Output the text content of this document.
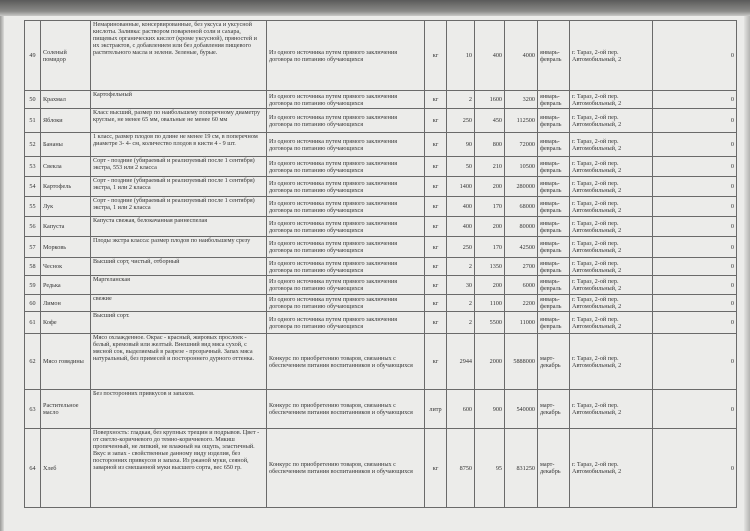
49	Соленый помидор	Немаринованные, консервированные, без уксуса и уксусной кислоты. Заливка: раствором поваренной соли и сахара, пищевых органических кислот (кроме уксусной), пряностей и их экстрактов, с добавлением или без добавления пищевого растительного масла и зелени. Зеленые, бурые.	Из одного источника путем прямого заключения договора по питанию обучающихся	кг	10	400	4000	январь-февраль	г. Тараз, 2-ой пер. Автомобильный, 2	0
50	Крахмал	Картофельный	Из одного источника путем прямого заключения договора по питанию обучающихся	кг	2	1600	3200	январь-февраль	г. Тараз, 2-ой пер. Автомобильный, 2	0
51	Яблоки	Класс высший, размер по наибольшему поперечному диаметру круглые, не менее 65 мм, овальные не менее 60 мм	Из одного источника путем прямого заключения договора по питанию обучающихся	кг	250	450	112500	январь-февраль	г. Тараз, 2-ой пер. Автомобильный, 2	0
52	Бананы	1 класс, размер плодов по длине не менее 19 см, в поперечном диаметре 3- 4- см, количество плодов в кисти 4 - 9 шт.	Из одного источника путем прямого заключения договора по питанию обучающихся	кг	90	800	72000	январь-февраль	г. Тараз, 2-ой пер. Автомобильный, 2	0
53	Свекла	Сорт - поздние (убираемый и реализуемый после 1 сентября) экстра, 553 или 2 класса	Из одного источника путем прямого заключения договора по питанию обучающихся	кг	50	210	10500	январь-февраль	г. Тараз, 2-ой пер. Автомобильный, 2	0
54	Картофель	Сорт - поздние (убираемый и реализуемый после 1 сентября) экстра, 1 или 2 класса	Из одного источника путем прямого заключения договора по питанию обучающихся	кг	1400	200	280000	январь-февраль	г. Тараз, 2-ой пер. Автомобильный, 2	0
55	Лук	Сорт - поздние (убираемый и реализуемый после 1 сентября) экстра, 1 или 2 класса	Из одного источника путем прямого заключения договора по питанию обучающихся	кг	400	170	68000	январь-февраль	г. Тараз, 2-ой пер. Автомобильный, 2	0
56	Капуста	Капуста свежая, белокачанная раннеспелая	Из одного источника путем прямого заключения договора по питанию обучающихся	кг	400	200	80000	январь-февраль	г. Тараз, 2-ой пер. Автомобильный, 2	0
57	Морковь	Плоды экстра класса: размер плодов по наибольшему срезу	Из одного источника путем прямого заключения договора по питанию обучающихся	кг	250	170	42500	январь-февраль	г. Тараз, 2-ой пер. Автомобильный, 2	0
58	Чеснок	Высший сорт, чистый, отборный	Из одного источника путем прямого заключения договора по питанию обучающихся	кг	2	1350	2700	январь-февраль	г. Тараз, 2-ой пер. Автомобильный, 2	0
59	Редька	Маргеланская	Из одного источника путем прямого заключения договора по питанию обучающихся	кг	30	200	6000	январь-февраль	г. Тараз, 2-ой пер. Автомобильный, 2	0
60	Лимон	свежие	Из одного источника путем прямого заключения договора по питанию обучающихся	кг	2	1100	2200	январь-февраль	г. Тараз, 2-ой пер. Автомобильный, 2	0
61	Кофе	Высший сорт.	Из одного источника путем прямого заключения договора по питанию обучающихся	кг	2	5500	11000	январь-февраль	г. Тараз, 2-ой пер. Автомобильный, 2	0
62	Мясо говядины	Мясо охлажденное. Окрас - красный, жировых прослоек - белый, кремовый или желтый. Внешний вид мяса сухой, с мясной сок, выделяемый в разрезе - прозрачный. Запах мяса натуральный, без примесей и постороннего дурного оттенка.	Конкурс по приобретению товаров, связанных с обеспечением питания воспитанников и обучающихся	кг	2944	2000	5888000	март-декабрь	г. Тараз, 2-ой пер. Автомобильный, 2	0
63	Растительное масло	Без посторонних привкусов и запахов.	Конкурс по приобретению товаров, связанных с обеспечением питания воспитанников и обучающихся	литр	600	900	540000	март-декабрь	г. Тараз, 2-ой пер. Автомобильный, 2	0
64	Хлеб	Поверхность: гладкая, без крупных трещин и подрывов. Цвет - от светло-коричневого до темно-коричневого. Мякиш пропеченный, не липкий, не влажный на ощупь, эластичный. Вкус и запах - свойственные данному виду изделия, без посторонних привкусов и запаха. Из ржаной муки, сеяной, заварной из смешанной муки высшего сорта, вес 650 гр.	Конкурс по приобретению товаров, связанных с обеспечением питания воспитанников и обучающихся	кг	8750	95	831250	март-декабрь	г. Тараз, 2-ой пер. Автомобильный, 2	0
